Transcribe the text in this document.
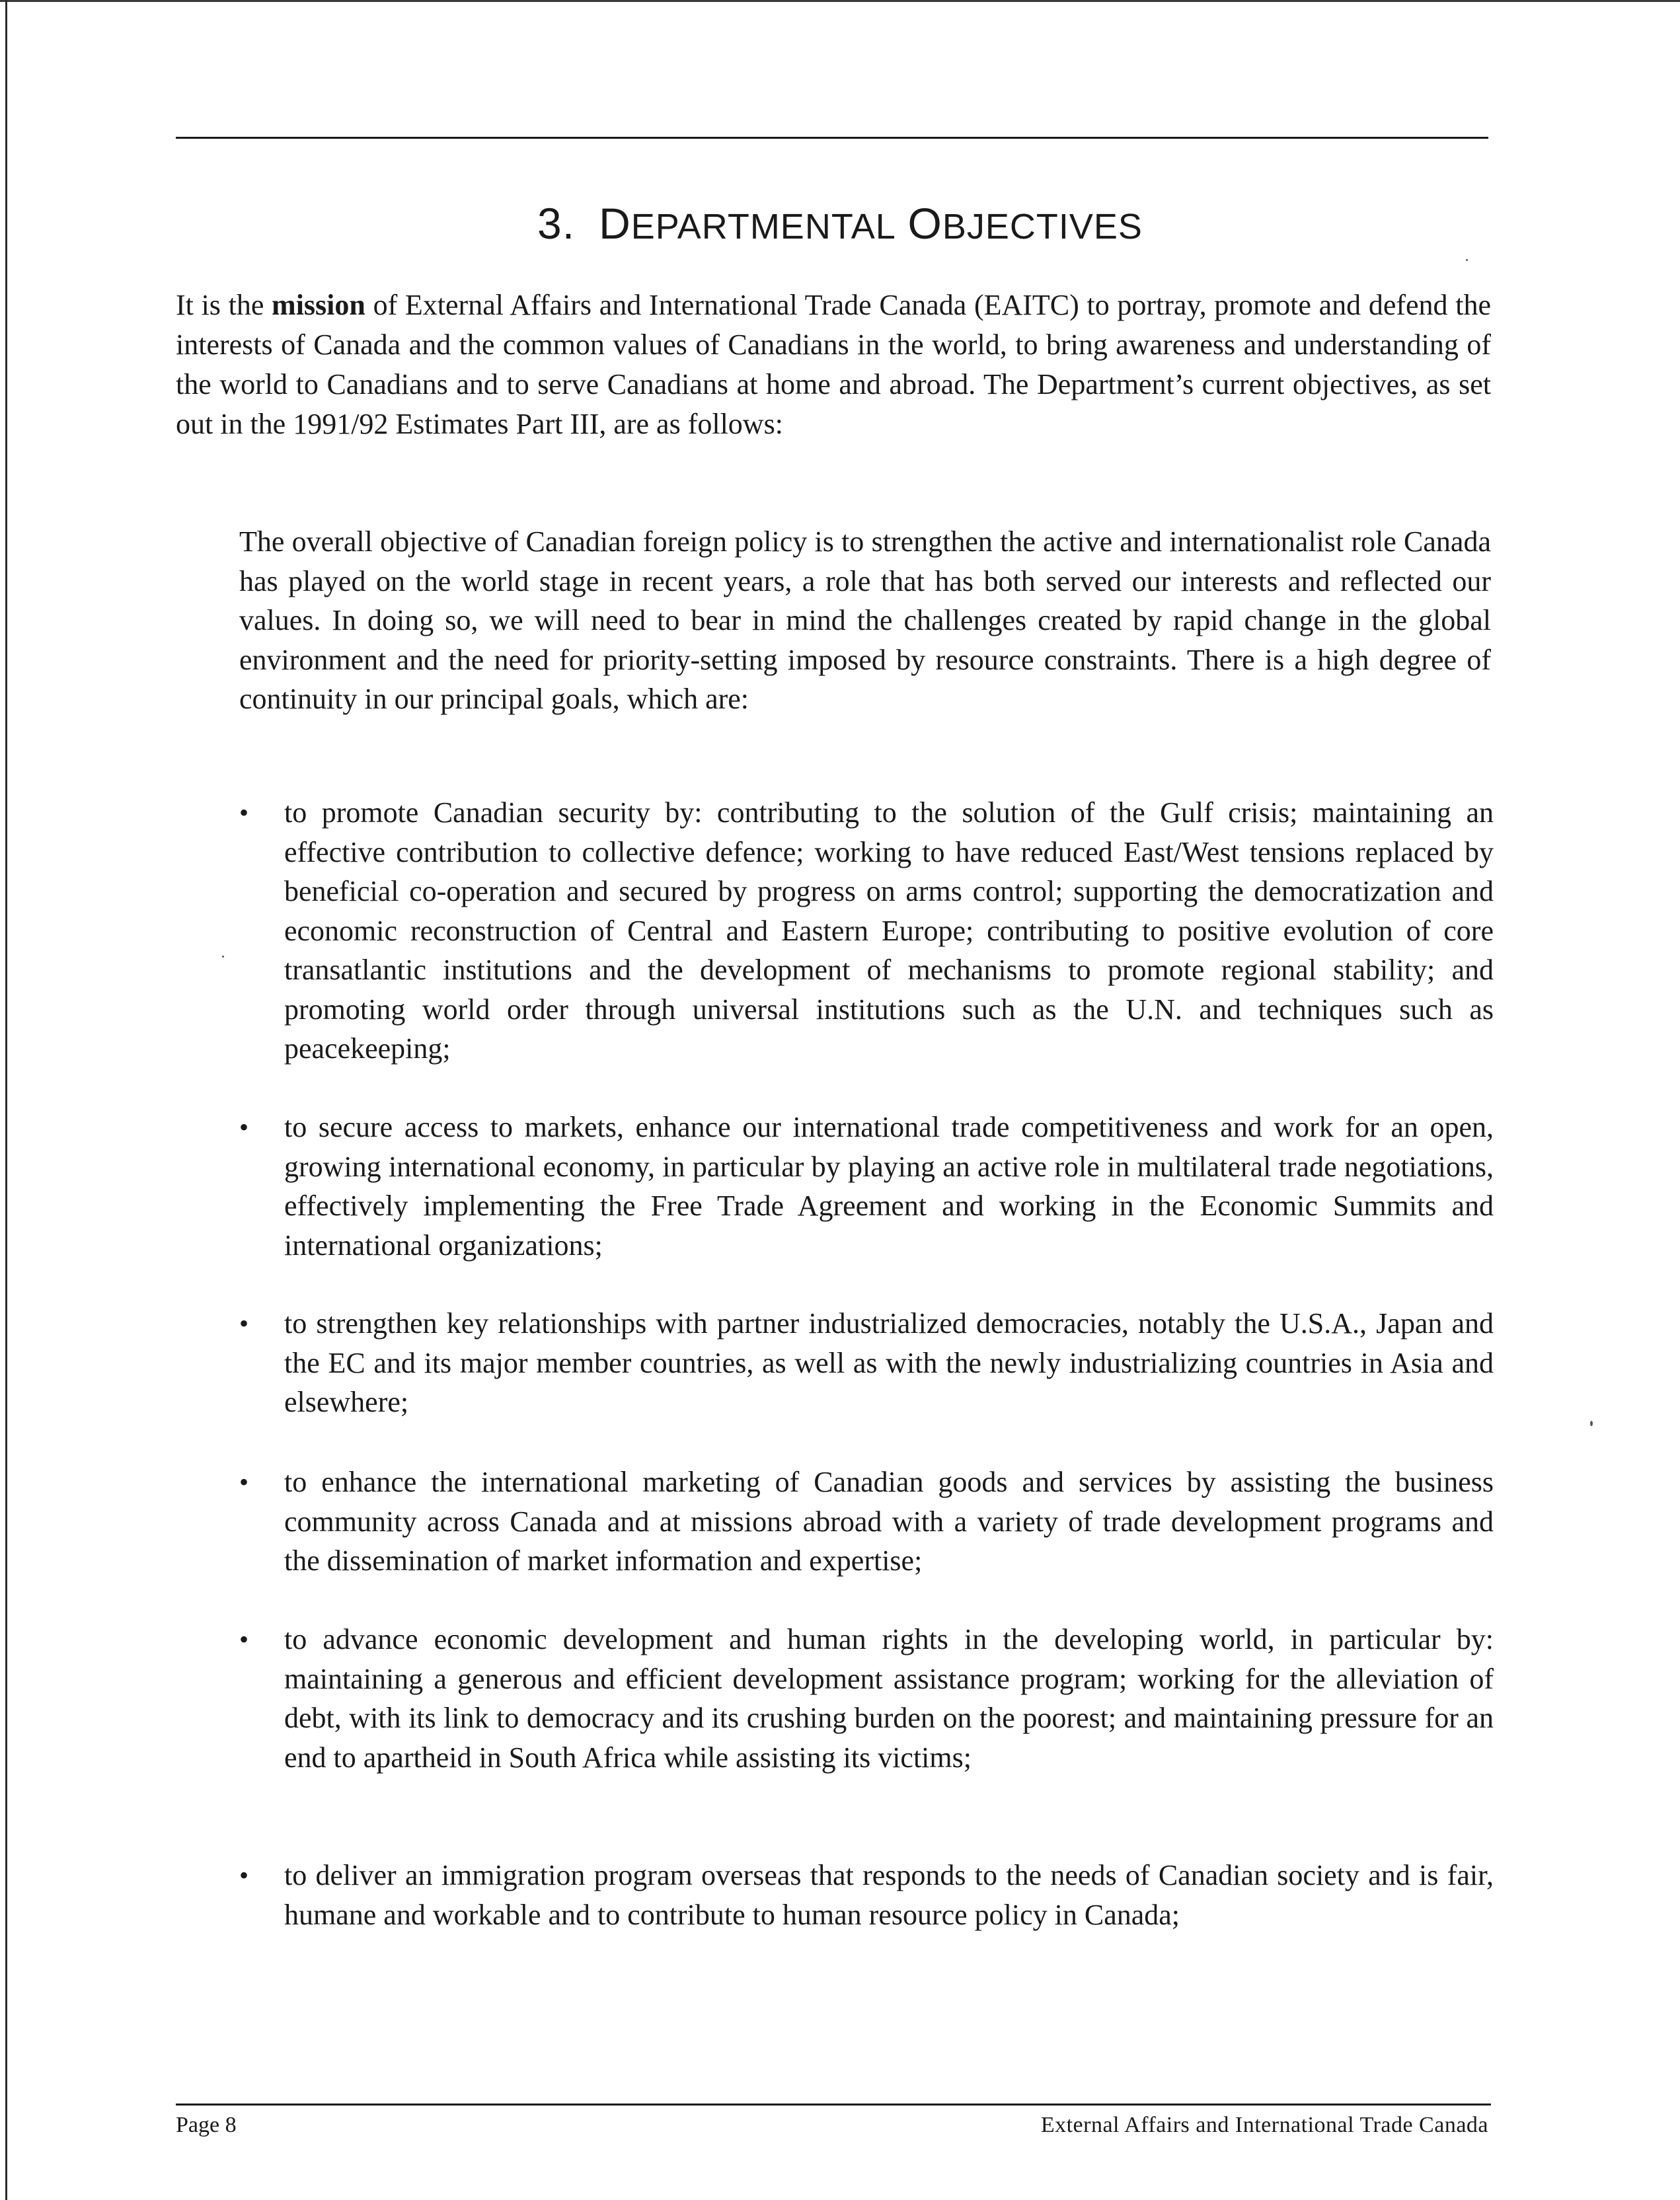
3. DEPARTMENTAL OBJECTIVES
It is the mission of External Affairs and International Trade Canada (EAITC) to portray, promote and defend the interests of Canada and the common values of Canadians in the world, to bring awareness and understanding of the world to Canadians and to serve Canadians at home and abroad. The Department’s current objectives, as set out in the 1991/92 Estimates Part III, are as follows:
The overall objective of Canadian foreign policy is to strengthen the active and internationalist role Canada has played on the world stage in recent years, a role that has both served our interests and reflected our values. In doing so, we will need to bear in mind the challenges created by rapid change in the global environment and the need for priority-setting imposed by resource constraints. There is a high degree of continuity in our principal goals, which are:
• to promote Canadian security by: contributing to the solution of the Gulf crisis; maintaining an effective contribution to collective defence; working to have reduced East/West tensions replaced by beneficial co-operation and secured by progress on arms control; supporting the democratization and economic reconstruction of Central and Eastern Europe; contributing to positive evolution of core transatlantic institutions and the development of mechanisms to promote regional stability; and promoting world order through universal institutions such as the U.N. and techniques such as peacekeeping;
• to secure access to markets, enhance our international trade competitiveness and work for an open, growing international economy, in particular by playing an active role in multilateral trade negotiations, effectively implementing the Free Trade Agreement and working in the Economic Summits and international organizations;
• to strengthen key relationships with partner industrialized democracies, notably the U.S.A., Japan and the EC and its major member countries, as well as with the newly industrializing countries in Asia and elsewhere;
• to enhance the international marketing of Canadian goods and services by assisting the business community across Canada and at missions abroad with a variety of trade development programs and the dissemination of market information and expertise;
• to advance economic development and human rights in the developing world, in particular by: maintaining a generous and efficient development assistance program; working for the alleviation of debt, with its link to democracy and its crushing burden on the poorest; and maintaining pressure for an end to apartheid in South Africa while assisting its victims;
• to deliver an immigration program overseas that responds to the needs of Canadian society and is fair, humane and workable and to contribute to human resource policy in Canada;
Page 8	External Affairs and International Trade Canada
